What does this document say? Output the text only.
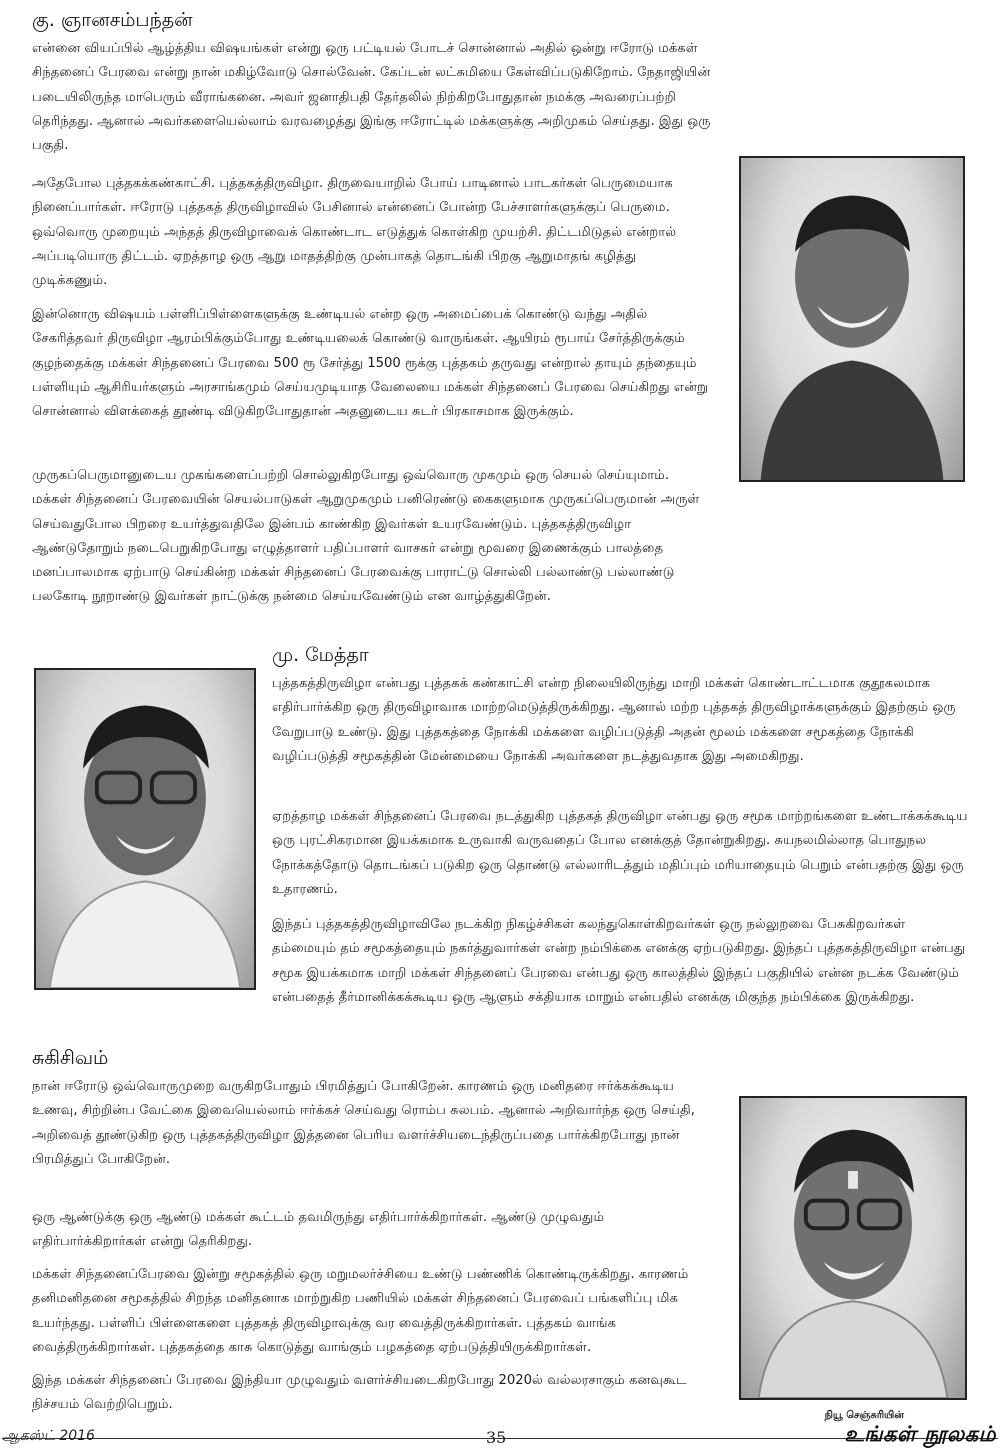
கு. ஞானசம்பந்தன்

என்னை வியப்பில் ஆழ்த்திய விஷயங்கள் என்று ஒரு பட்டியல் போடச் சொன்னால் அதில் ஒன்று ஈரோடு மக்கள் சிந்தனைப் பேரவை என்று நான் மகிழ்வோடு சொல்வேன். கேப்டன் லட்சுமியை கேள்விப்படுகிறோம். நேதாஜியின் படையிலிருந்த மாபெரும் வீராங்கனை. அவர் ஜனாதிபதி தேர்தலில் நிற்கிறபோதுதான் நமக்கு அவரைப்பற்றி தெரிந்தது. ஆனால் அவர்களையெல்லாம் வரவழைத்து இங்கு ஈரோட்டில் மக்களுக்கு அறிமுகம் செய்தது. இது ஒரு பகுதி.

அதேபோல புத்தகக்கண்காட்சி. புத்தகத்திருவிழா. திருவையாறில் போய் பாடினால் பாடகர்கள் பெருமையாக நினைப்பார்கள். ஈரோடு புத்தகத் திருவிழாவில் பேசினால் என்னைப் போன்ற பேச்சாளர்களுக்குப் பெருமை. ஒவ்வொரு முறையும் அந்தத் திருவிழாவைக் கொண்டாட எடுத்துக் கொள்கிற முயற்சி. திட்டமிடுதல் என்றால் அப்படியொரு திட்டம். ஏறத்தாழ ஒரு ஆறு மாதத்திற்கு முன்பாகத் தொடங்கி பிறகு ஆறுமாதங் கழித்து முடிக்கணும்.

இன்னொரு விஷயம் பள்ளிப்பிள்ளைகளுக்கு உண்டியல் என்ற ஒரு அமைப்பைக் கொண்டு வந்து அதில் சேகரித்தவர் திருவிழா ஆரம்பிக்கும்போது உண்டியலைக் கொண்டு வாருங்கள். ஆயிரம் ரூபாய் சேர்த்திருக்கும் குழந்தைக்கு மக்கள் சிந்தனைப் பேரவை 500 ரூ சேர்த்து 1500 ரூக்கு புத்தகம் தருவது என்றால் தாயும் தந்தையும் பள்ளியும் ஆசிரியர்களும் அரசாங்கமும் செய்யமுடியாத வேலையை மக்கள் சிந்தனைப் பேரவை செய்கிறது என்று சொன்னால் விளக்கைத் தூண்டி விடுகிறபோதுதான் அதனுடைய சுடர் பிரகாசமாக இருக்கும்.

முருகப்பெருமானுடைய முகங்களைப்பற்றி சொல்லுகிறபோது ஒவ்வொரு முகமும் ஒரு செயல் செய்யுமாம். மக்கள் சிந்தனைப் பேரவையின் செயல்பாடுகள் ஆறுமுகமும் பனிரெண்டு கைகளுமாக முருகப்பெருமான் அருள் செய்வதுபோல பிறரை உயர்த்துவதிலே இன்பம் காண்கிற இவர்கள் உயரவேண்டும். புத்தகத்திருவிழா ஆண்டுதோறும் நடைபெறுகிறபோது எழுத்தாளர் பதிப்பாளர் வாசகர் என்று மூவரை இணைக்கும் பாலத்தை மனப்பாலமாக ஏற்பாடு செய்கின்ற மக்கள் சிந்தனைப் பேரவைக்கு பாராட்டு சொல்லி பல்லாண்டு பல்லாண்டு பலகோடி நூறாண்டு இவர்கள் நாட்டுக்கு நன்மை செய்யவேண்டும் என வாழ்த்துகிறேன்.

மு. மேத்தா

புத்தகத்திருவிழா என்பது புத்தகக் கண்காட்சி என்ற நிலையிலிருந்து மாறி மக்கள் கொண்டாட்டமாக குதூகலமாக எதிர்பார்க்கிற ஒரு திருவிழாவாக மாற்றமெடுத்திருக்கிறது. ஆனால் மற்ற புத்தகத் திருவிழாக்களுக்கும் இதற்கும் ஒரு வேறுபாடு உண்டு. இது புத்தகத்தை நோக்கி மக்களை வழிப்படுத்தி அதன் மூலம் மக்களை சமூகத்தை நோக்கி வழிப்படுத்தி சமூகத்தின் மேன்மையை நோக்கி அவர்களை நடத்துவதாக இது அமைகிறது.

ஏறத்தாழ மக்கள் சிந்தனைப் பேரவை நடத்துகிற புத்தகத் திருவிழா என்பது ஒரு சமூக மாற்றங்களை உண்டாக்கக்கூடிய ஒரு புரட்சிகரமான இயக்கமாக உருவாகி வருவதைப் போல எனக்குத் தோன்றுகிறது. சுயநலமில்லாத பொதுநல நோக்கத்தோடு தொடங்கப் படுகிற ஒரு தொண்டு எல்லாரிடத்தும் மதிப்பும் மரியாதையும் பெறும் என்பதற்கு இது ஒரு உதாரணம்.

இந்தப் புத்தகத்திருவிழாவிலே நடக்கிற நிகழ்ச்சிகள் கலந்துகொள்கிறவர்கள் ஒரு நல்லுறவை பேசுகிறவர்கள் தம்மையும் தம் சமூகத்தையும் நகர்த்துவார்கள் என்ற நம்பிக்கை எனக்கு ஏற்படுகிறது. இந்தப் புத்தகத்திருவிழா என்பது சமூக இயக்கமாக மாறி மக்கள் சிந்தனைப் பேரவை என்பது ஒரு காலத்தில் இந்தப் பகுதியில் என்ன நடக்க வேண்டும் என்பதைத் தீர்மானிக்கக்கூடிய ஒரு ஆளும் சக்தியாக மாறும் என்பதில் எனக்கு மிகுந்த நம்பிக்கை இருக்கிறது.

சுகிசிவம்

நான் ஈரோடு ஒவ்வொருமுறை வருகிறபோதும் பிரமித்துப் போகிறேன். காரணம் ஒரு மனிதரை ஈர்க்கக்கூடிய உணவு, சிற்றின்ப வேட்கை இவையெல்லாம் ஈர்க்கச் செய்வது ரொம்ப சுலபம். ஆனால் அறிவார்ந்த ஒரு செய்தி, அறிவைத் தூண்டுகிற ஒரு புத்தகத்திருவிழா இத்தனை பெரிய வளர்ச்சியடைந்திருப்பதை பார்க்கிறபோது நான் பிரமித்துப் போகிறேன்.

ஒரு ஆண்டுக்கு ஒரு ஆண்டு மக்கள் கூட்டம் தவமிருந்து எதிர்பார்க்கிறார்கள். ஆண்டு முழுவதும் எதிர்பார்க்கிறார்கள் என்று தெரிகிறது.

மக்கள் சிந்தனைப்பேரவை இன்று சமூகத்தில் ஒரு மறுமலர்ச்சியை உண்டு பண்ணிக் கொண்டிருக்கிறது. காரணம் தனிமனிதனை சமூகத்தில் சிறந்த மனிதனாக மாற்றுகிற பணியில் மக்கள் சிந்தனைப் பேரவைப் பங்களிப்பு மிக உயர்ந்தது. பள்ளிப் பிள்ளைகளை புத்தகத் திருவிழாவுக்கு வர வைத்திருக்கிறார்கள். புத்தகம் வாங்க வைத்திருக்கிறார்கள். புத்தகத்தை காசு கொடுத்து வாங்கும் பழகத்தை ஏற்படுத்தியிருக்கிறார்கள்.

இந்த மக்கள் சிந்தனைப் பேரவை இந்தியா முழுவதும் வளர்ச்சியடைகிறபோது 2020ல் வல்லரசாகும் கனவுகூட நிச்சயம் வெற்றிபெறும்.

ஆகஸ்ட் 2016	35
நியூ செஞ்சுரியின்
உங்கள் நூலகம்
